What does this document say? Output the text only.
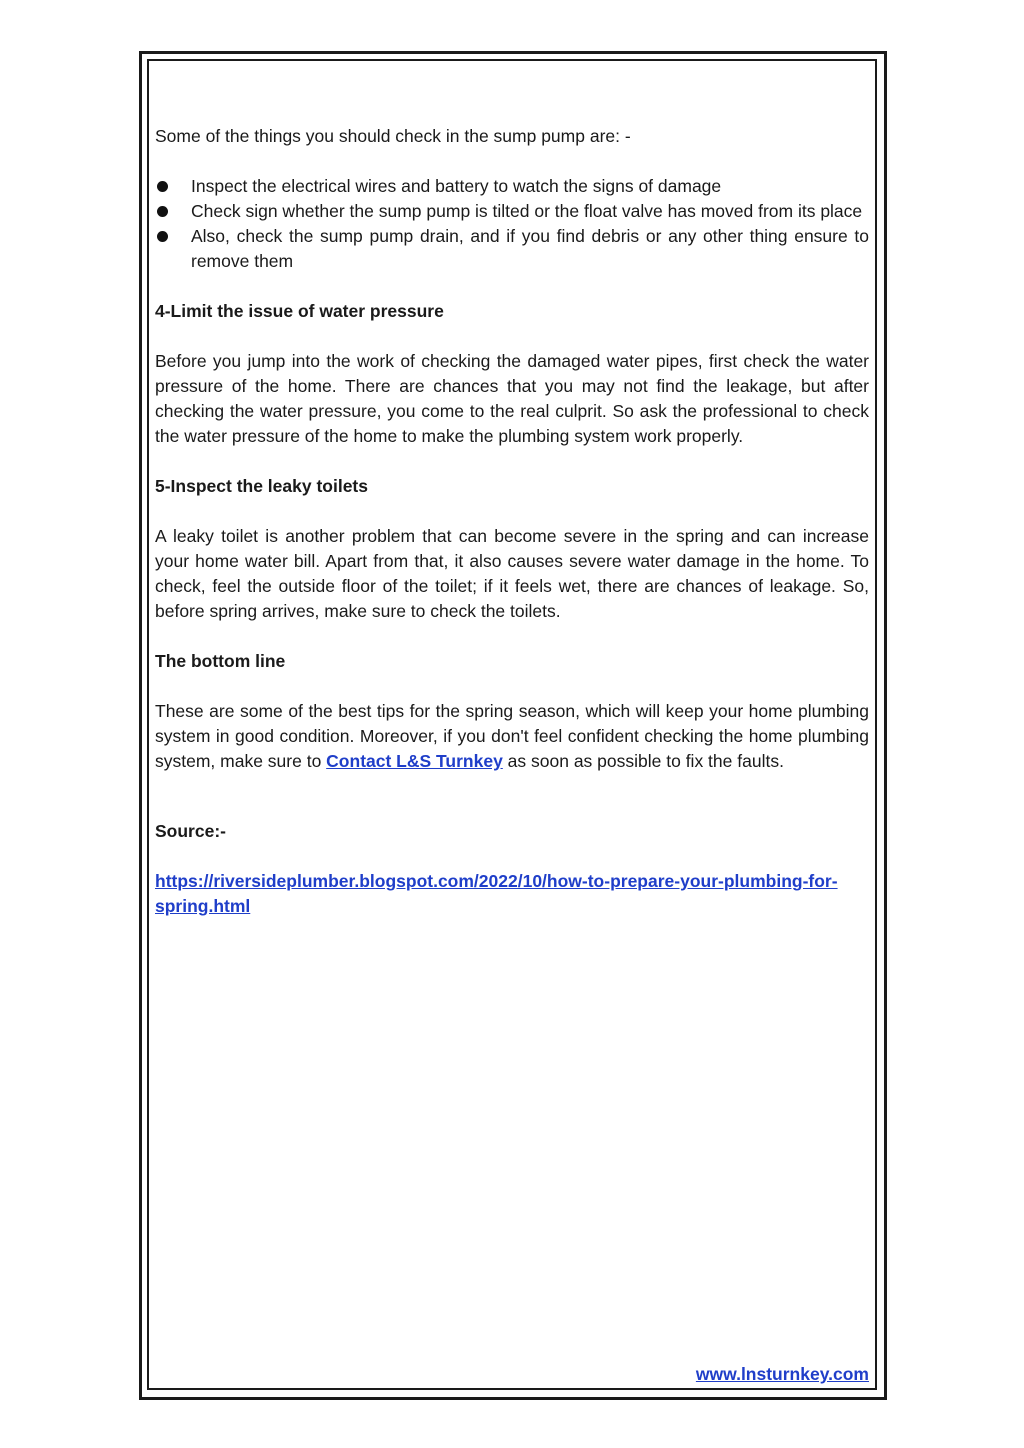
Some of the things you should check in the sump pump are: -

Inspect the electrical wires and battery to watch the signs of damage
Check sign whether the sump pump is tilted or the float valve has moved from its place
Also, check the sump pump drain, and if you find debris or any other thing ensure to remove them

4-Limit the issue of water pressure

Before you jump into the work of checking the damaged water pipes, first check the water pressure of the home. There are chances that you may not find the leakage, but after checking the water pressure, you come to the real culprit. So ask the professional to check the water pressure of the home to make the plumbing system work properly.

5-Inspect the leaky toilets

A leaky toilet is another problem that can become severe in the spring and can increase your home water bill. Apart from that, it also causes severe water damage in the home. To check, feel the outside floor of the toilet; if it feels wet, there are chances of leakage. So, before spring arrives, make sure to check the toilets.

The bottom line

These are some of the best tips for the spring season, which will keep your home plumbing system in good condition. Moreover, if you don't feel confident checking the home plumbing system, make sure to Contact L&S Turnkey as soon as possible to fix the faults.

Source:-

https://riversideplumber.blogspot.com/2022/10/how-to-prepare-your-plumbing-for-spring.html

www.lnsturnkey.com
